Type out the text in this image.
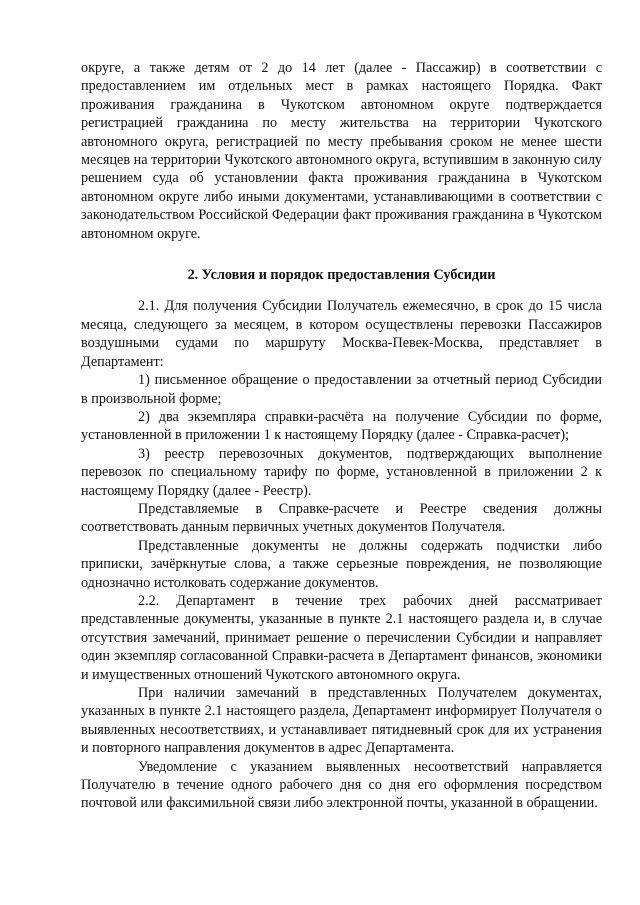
округе, а также детям от 2 до 14 лет (далее - Пассажир) в соответствии с предоставлением им отдельных мест в рамках настоящего Порядка. Факт проживания гражданина в Чукотском автономном округе подтверждается регистрацией гражданина по месту жительства на территории Чукотского автономного округа, регистрацией по месту пребывания сроком не менее шести месяцев на территории Чукотского автономного округа, вступившим в законную силу решением суда об установлении факта проживания гражданина в Чукотском автономном округе либо иными документами, устанавливающими в соответствии с законодательством Российской Федерации факт проживания гражданина в Чукотском автономном округе.

2. Условия и порядок предоставления Субсидии

2.1. Для получения Субсидии Получатель ежемесячно, в срок до 15 числа месяца, следующего за месяцем, в котором осуществлены перевозки Пассажиров воздушными судами по маршруту Москва-Певек-Москва, представляет в Департамент:

1) письменное обращение о предоставлении за отчетный период Субсидии в произвольной форме;

2) два экземпляра справки-расчёта на получение Субсидии по форме, установленной в приложении 1 к настоящему Порядку (далее - Справка-расчет);

3) реестр перевозочных документов, подтверждающих выполнение перевозок по специальному тарифу по форме, установленной в приложении 2 к настоящему Порядку (далее - Реестр).

Представляемые в Справке-расчете и Реестре сведения должны соответствовать данным первичных учетных документов Получателя.

Представленные документы не должны содержать подчистки либо приписки, зачёркнутые слова, а также серьезные повреждения, не позволяющие однозначно истолковать содержание документов.

2.2. Департамент в течение трех рабочих дней рассматривает представленные документы, указанные в пункте 2.1 настоящего раздела и, в случае отсутствия замечаний, принимает решение о перечислении Субсидии и направляет один экземпляр согласованной Справки-расчета в Департамент финансов, экономики и имущественных отношений Чукотского автономного округа.

При наличии замечаний в представленных Получателем документах, указанных в пункте 2.1 настоящего раздела, Департамент информирует Получателя о выявленных несоответствиях, и устанавливает пятидневный срок для их устранения и повторного направления документов в адрес Департамента.

Уведомление с указанием выявленных несоответствий направляется Получателю в течение одного рабочего дня со дня его оформления посредством почтовой или факсимильной связи либо электронной почты, указанной в обращении.
